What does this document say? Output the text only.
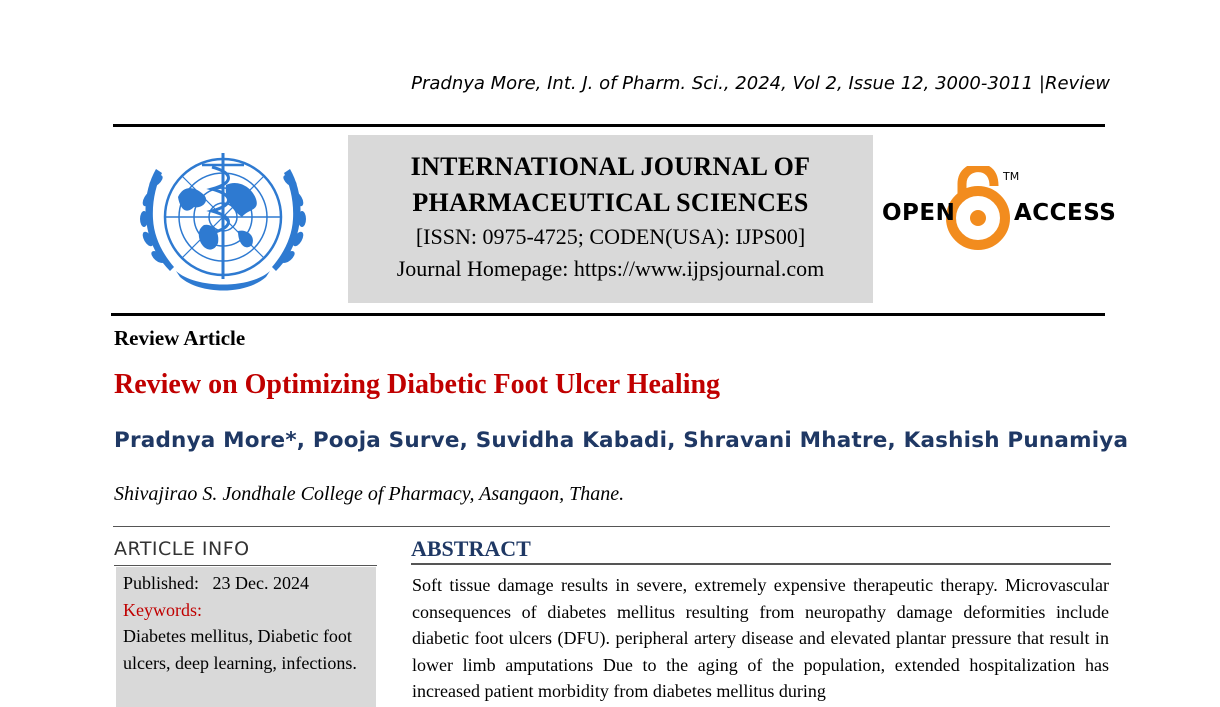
Pradnya More, Int. J. of Pharm. Sci., 2024, Vol 2, Issue 12, 3000-3011 |Review
INTERNATIONAL JOURNAL OF
PHARMACEUTICAL SCIENCES
[ISSN: 0975-4725; CODEN(USA): IJPS00]
Journal Homepage: https://www.ijpsjournal.com
OPEN	ACCESS
TM
Review Article
Review on Optimizing Diabetic Foot Ulcer Healing
Pradnya More*, Pooja Surve, Suvidha Kabadi, Shravani Mhatre, Kashish Punamiya
Shivajirao S. Jondhale College of Pharmacy, Asangaon, Thane.
ARTICLE INFO
Published: 23 Dec. 2024
Keywords:
Diabetes mellitus, Diabetic foot ulcers, deep learning, infections.
ABSTRACT
Soft tissue damage results in severe, extremely expensive therapeutic therapy. Microvascular consequences of diabetes mellitus resulting from neuropathy damage deformities include diabetic foot ulcers (DFU). peripheral artery disease and elevated plantar pressure that result in lower limb amputations Due to the aging of the population, extended hospitalization has increased patient morbidity from diabetes mellitus during
